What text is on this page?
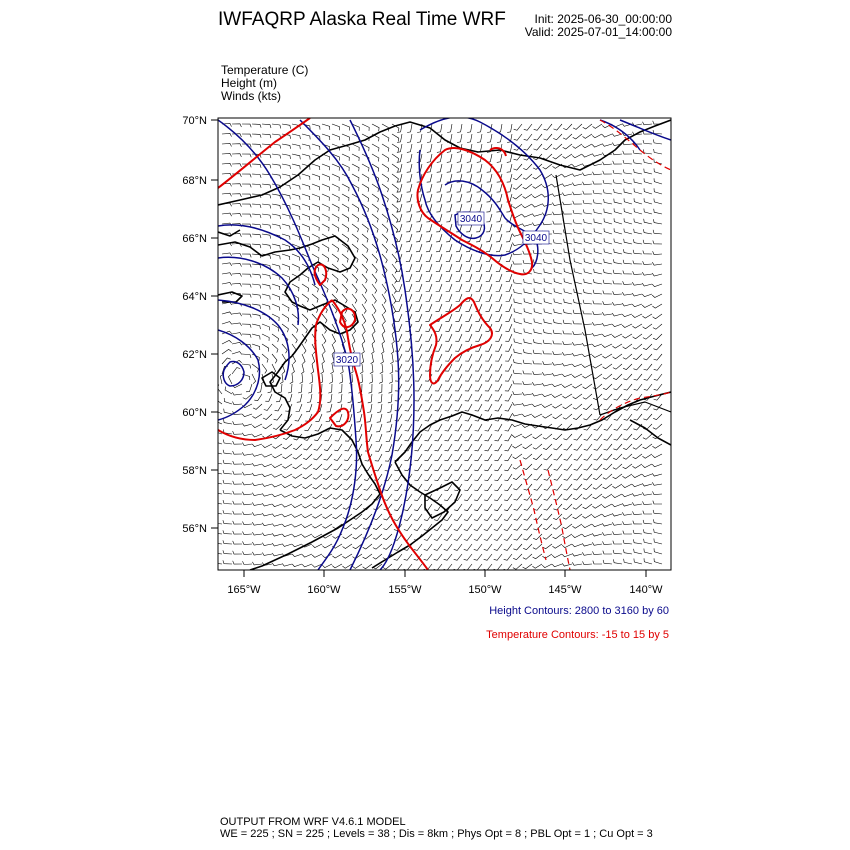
IWFAQRP Alaska Real Time WRF Init: 2025-06-30_00:00:00
Valid: 2025-07-01_14:00:00
Temperature (C)
Height (m)
Winds (kts)
3020
3040
3040
70°N
68°N
66°N
64°N
62°N
60°N
58°N
56°N
165°W	160°W	155°W	150°W	145°W	140°W
Height Contours: 2800 to 3160 by 60
Temperature Contours: -15 to 15 by 5
OUTPUT FROM WRF V4.6.1 MODEL
WE = 225 ; SN = 225 ; Levels = 38 ; Dis = 8km ; Phys Opt = 8 ; PBL Opt = 1 ; Cu Opt = 3
